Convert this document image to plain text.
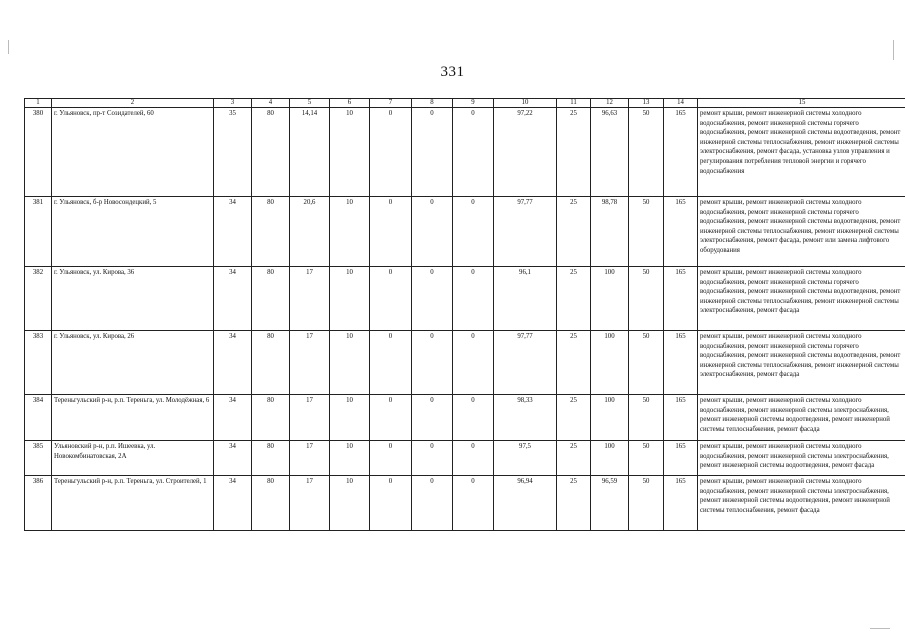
331
1	2	3	4	5	6	7	8	9	10	11	12	13	14	15
380	г. Ульяновск, пр-т Созидателей, 60	35	80	14,14	10	0	0	0	97,22	25	96,63	50	165	ремонт крыши, ремонт инженерной системы холодного водоснабжения, ремонт инженерной системы горячего водоснабжения, ремонт инженерной системы водоотведения, ремонт инженерной системы теплоснабжения, ремонт инженерной системы электроснабжения, ремонт фасада, установка узлов управления и регулирования потребления тепловой энергии и горячего водоснабжения
381	г. Ульяновск, б-р Новосондецкий, 5	34	80	20,6	10	0	0	0	97,77	25	98,78	50	165	ремонт крыши, ремонт инженерной системы холодного водоснабжения, ремонт инженерной системы горячего водоснабжения, ремонт инженерной системы водоотведения, ремонт инженерной системы теплоснабжения, ремонт инженерной системы электроснабжения, ремонт фасада, ремонт или замена лифтового оборудования
382	г. Ульяновск, ул. Кирова, 36	34	80	17	10	0	0	0	96,1	25	100	50	165	ремонт крыши, ремонт инженерной системы холодного водоснабжения, ремонт инженерной системы горячего водоснабжения, ремонт инженерной системы водоотведения, ремонт инженерной системы теплоснабжения, ремонт инженерной системы электроснабжения, ремонт фасада
383	г. Ульяновск, ул. Кирова, 26	34	80	17	10	0	0	0	97,77	25	100	50	165	ремонт крыши, ремонт инженерной системы холодного водоснабжения, ремонт инженерной системы горячего водоснабжения, ремонт инженерной системы водоотведения, ремонт инженерной системы теплоснабжения, ремонт инженерной системы электроснабжения, ремонт фасада
384	Тереньгульский р-н, р.п. Тереньга, ул. Молодёжная, 6	34	80	17	10	0	0	0	98,33	25	100	50	165	ремонт крыши, ремонт инженерной системы холодного водоснабжения, ремонт инженерной системы электроснабжения, ремонт инженерной системы водоотведения, ремонт инженерной системы теплоснабжения, ремонт фасада
385	Ульяновский р-н, р.п. Ишеевка, ул. Новокомбинатовская, 2А	34	80	17	10	0	0	0	97,5	25	100	50	165	ремонт крыши, ремонт инженерной системы холодного водоснабжения, ремонт инженерной системы электроснабжения, ремонт инженерной системы водоотведения, ремонт фасада
386	Тереньгульский р-н, р.п. Тереньга, ул. Строителей, 1	34	80	17	10	0	0	0	96,94	25	96,59	50	165	ремонт крыши, ремонт инженерной системы холодного водоснабжения, ремонт инженерной системы электроснабжения, ремонт инженерной системы водоотведения, ремонт инженерной системы теплоснабжения, ремонт фасада
